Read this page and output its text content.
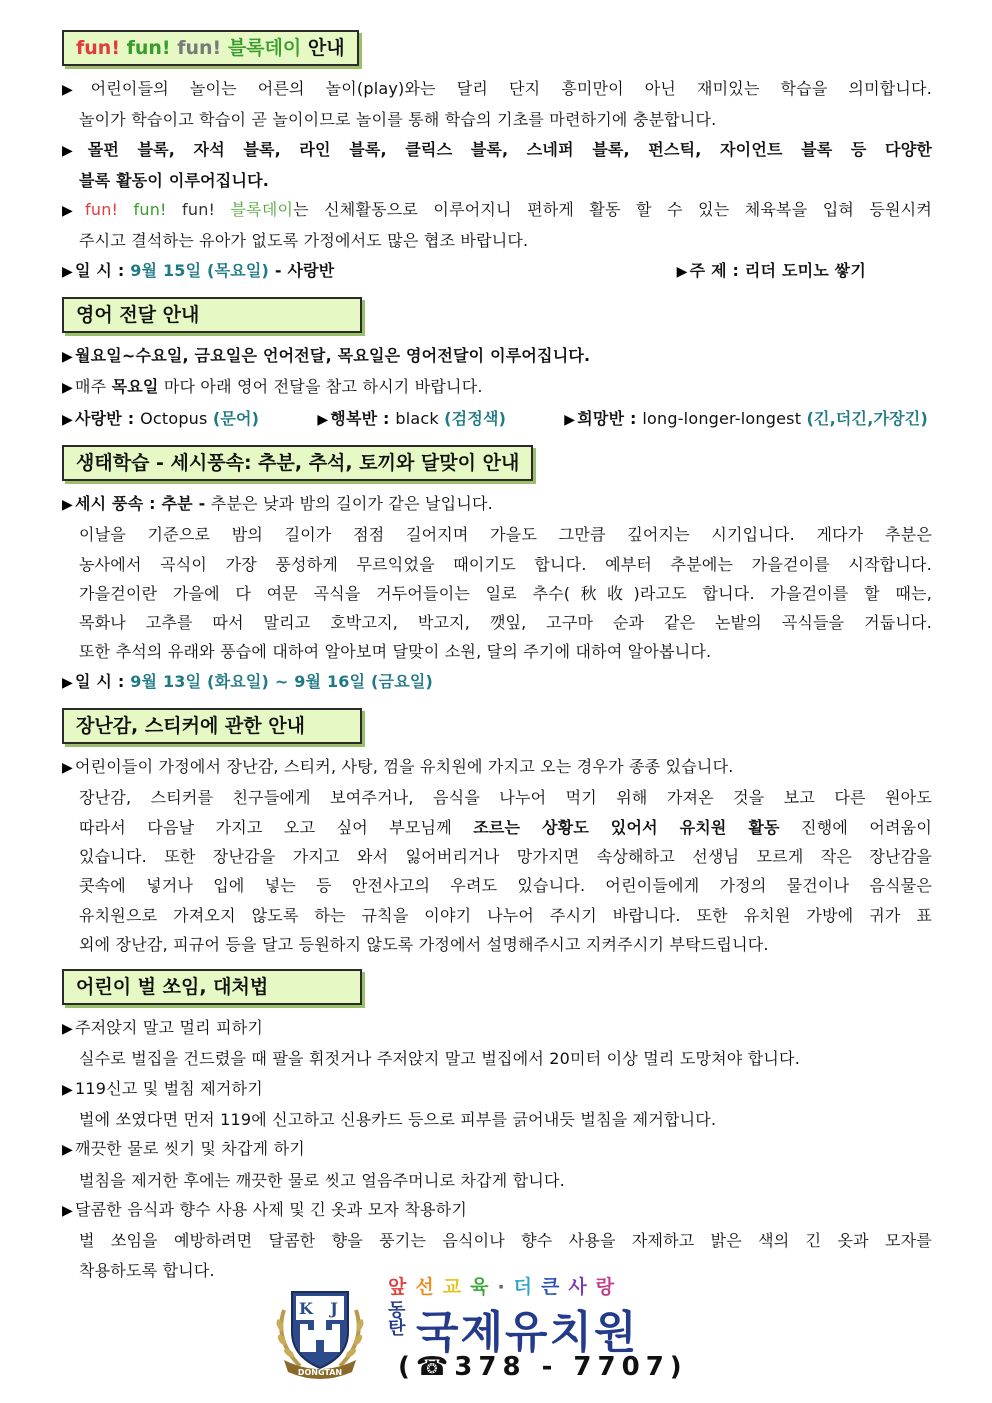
fun! fun! fun! 블록데이 안내
▶ 어린이들의 놀이는 어른의 놀이(play)와는 달리 단지 흥미만이 아닌 재미있는 학습을 의미합니다.
놀이가 학습이고 학습이 곧 놀이이므로 놀이를 통해 학습의 기초를 마련하기에 충분합니다.
▶ 몰펀 블록, 자석 블록, 라인 블록, 클릭스 블록, 스네퍼 블록, 펀스틱, 자이언트 블록 등 다양한
블록 활동이 이루어집니다.
▶ fun! fun! fun! 블록데이는 신체활동으로 이루어지니 편하게 활동 할 수 있는 체육복을 입혀 등원시켜
주시고 결석하는 유아가 없도록 가정에서도 많은 협조 바랍니다.
▶ 일 시 : 9월 15일 (목요일) - 사랑반	▶ 주 제 : 리더 도미노 쌓기
영어 전달 안내
▶ 월요일~수요일, 금요일은 언어전달, 목요일은 영어전달이 이루어집니다.
▶ 매주 목요일 마다 아래 영어 전달을 참고 하시기 바랍니다.
▶ 사랑반 : Octopus (문어)	▶ 행복반 : black (검정색)	▶ 희망반 : long-longer-longest (긴,더긴,가장긴)
생태학습 - 세시풍속: 추분, 추석, 토끼와 달맞이 안내
▶ 세시 풍속 : 추분 - 추분은 낮과 밤의 길이가 같은 날입니다.
이날을 기준으로 밤의 길이가 점점 길어지며 가을도 그만큼 깊어지는 시기입니다. 게다가 추분은
농사에서 곡식이 가장 풍성하게 무르익었을 때이기도 합니다. 예부터 추분에는 가을걷이를 시작합니다.
가을걷이란 가을에 다 여문 곡식을 거두어들이는 일로 추수(秋收)라고도 합니다. 가을걷이를 할 때는,
목화나 고추를 따서 말리고 호박고지, 박고지, 깻잎, 고구마 순과 같은 논밭의 곡식들을 거둡니다.
또한 추석의 유래와 풍습에 대하여 알아보며 달맞이 소원, 달의 주기에 대하여 알아봅니다.
▶ 일 시 : 9월 13일 (화요일) ~ 9월 16일 (금요일)
장난감, 스티커에 관한 안내
▶ 어린이들이 가정에서 장난감, 스티커, 사탕, 껌을 유치원에 가지고 오는 경우가 종종 있습니다.
장난감, 스티커를 친구들에게 보여주거나, 음식을 나누어 먹기 위해 가져온 것을 보고 다른 원아도
따라서 다음날 가지고 오고 싶어 부모님께 조르는 상황도 있어서 유치원 활동 진행에 어려움이
있습니다. 또한 장난감을 가지고 와서 잃어버리거나 망가지면 속상해하고 선생님 모르게 작은 장난감을
콧속에 넣거나 입에 넣는 등 안전사고의 우려도 있습니다. 어린이들에게 가정의 물건이나 음식물은
유치원으로 가져오지 않도록 하는 규칙을 이야기 나누어 주시기 바랍니다. 또한 유치원 가방에 귀가 표
외에 장난감, 피규어 등을 달고 등원하지 않도록 가정에서 설명해주시고 지켜주시기 부탁드립니다.
어린이 벌 쏘임, 대처법
▶ 주저앉지 말고 멀리 피하기
실수로 벌집을 건드렸을 때 팔을 휘젓거나 주저앉지 말고 벌집에서 20미터 이상 멀리 도망쳐야 합니다.
▶ 119신고 및 벌침 제거하기
벌에 쏘였다면 먼저 119에 신고하고 신용카드 등으로 피부를 긁어내듯 벌침을 제거합니다.
▶ 깨끗한 물로 씻기 및 차갑게 하기
벌침을 제거한 후에는 깨끗한 물로 씻고 얼음주머니로 차갑게 합니다.
▶ 달콤한 음식과 향수 사용 사제 및 긴 옷과 모자 착용하기
벌 쏘임을 예방하려면 달콤한 향을 풍기는 음식이나 향수 사용을 자제하고 밝은 색의 긴 옷과 모자를
착용하도록 합니다.
DONGTAN
K J
앞선교육·더큰사랑
동탄 국제유치원
(☎378 - 7707)
